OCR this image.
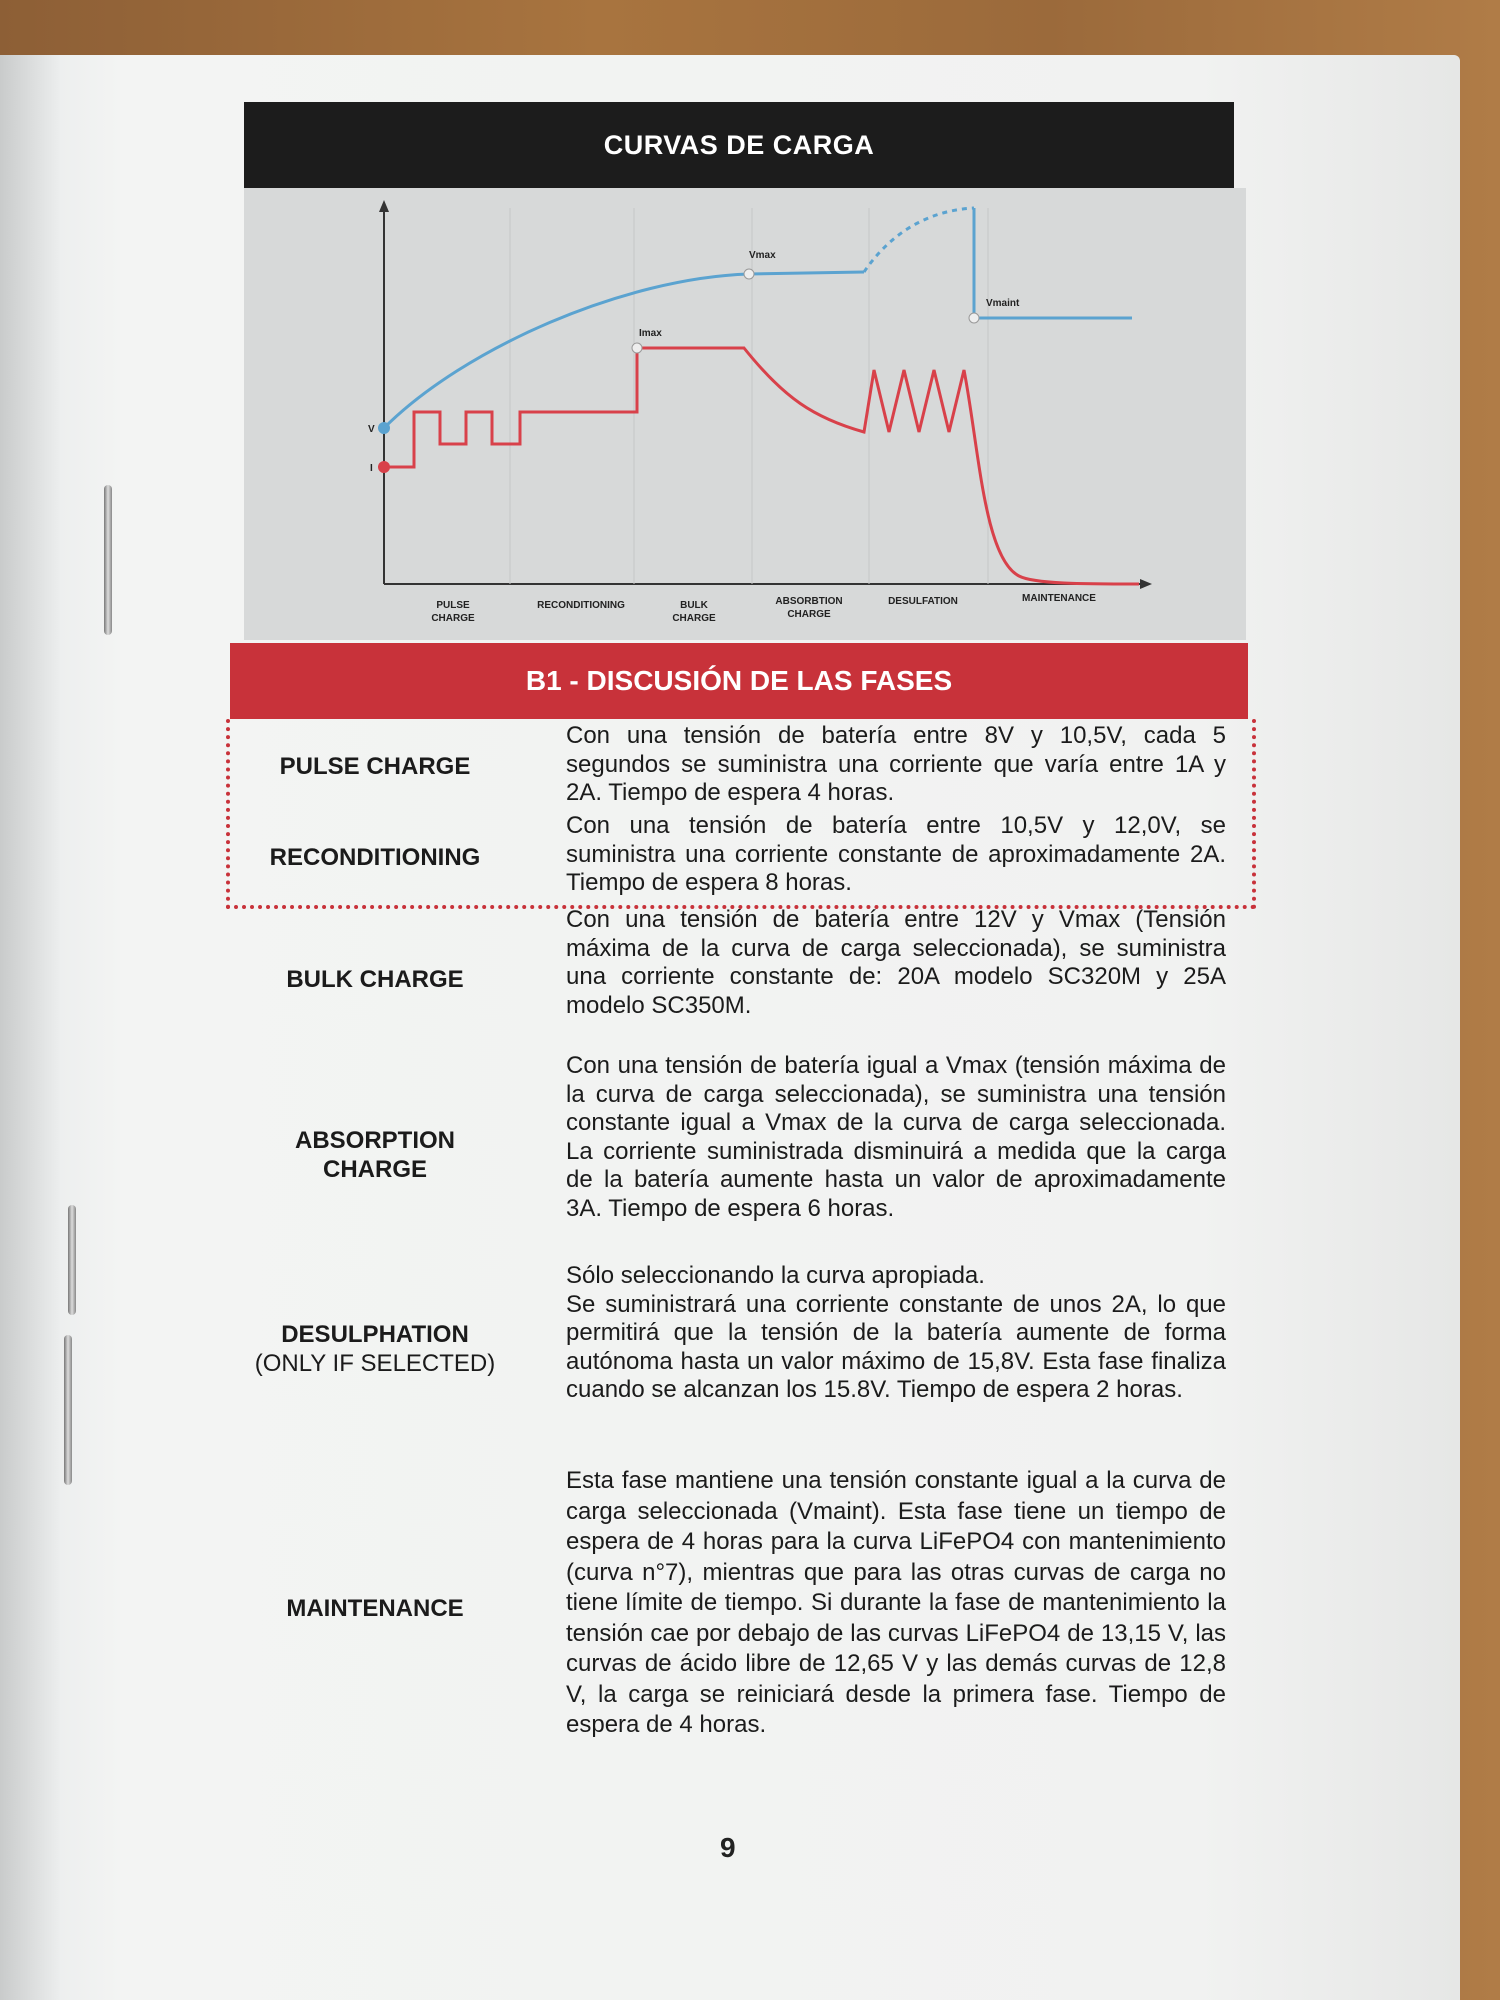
CURVAS DE CARGA
V
I
Vmax
Imax
Vmaint
PULSE
CHARGE
RECONDITIONING	BULK
CHARGE
ABSORBTION
CHARGE
DESULFATION	MAINTENANCE
B1 - DISCUSIÓN DE LAS FASES
PULSE CHARGE
Con una tensión de batería entre 8V y 10,5V, cada 5 segundos se suministra una corriente que varía entre 1A y 2A. Tiempo de espera 4 horas.
RECONDITIONING
Con una tensión de batería entre 10,5V y 12,0V, se suministra una corriente constante de aproximadamente 2A. Tiempo de espera 8 horas.
BULK CHARGE
Con una tensión de batería entre 12V y Vmax (Tensión máxima de la curva de carga seleccionada), se suministra una corriente constante de: 20A modelo SC320M y 25A modelo SC350M.
ABSORPTION
CHARGE
Con una tensión de batería igual a Vmax (tensión máxima de la curva de carga seleccionada), se suministra una tensión constante igual a Vmax de la curva de carga seleccionada. La corriente suministrada disminuirá a medida que la carga de la batería aumente hasta un valor de aproximadamente 3A. Tiempo de espera 6 horas.
DESULPHATION
(ONLY IF SELECTED)
Sólo seleccionando la curva apropiada.
Se suministrará una corriente constante de unos 2A, lo que permitirá que la tensión de la batería aumente de forma autónoma hasta un valor máximo de 15,8V. Esta fase finaliza cuando se alcanzan los 15.8V. Tiempo de espera 2 horas.
MAINTENANCE
Esta fase mantiene una tensión constante igual a la curva de carga seleccionada (Vmaint). Esta fase tiene un tiempo de espera de 4 horas para la curva LiFePO4 con mantenimiento (curva n°7), mientras que para las otras curvas de carga no tiene límite de tiempo. Si durante la fase de mantenimiento la tensión cae por debajo de las curvas LiFePO4 de 13,15 V, las curvas de ácido libre de 12,65 V y las demás curvas de 12,8 V, la carga se reiniciará desde la primera fase. Tiempo de espera de 4 horas.
9
